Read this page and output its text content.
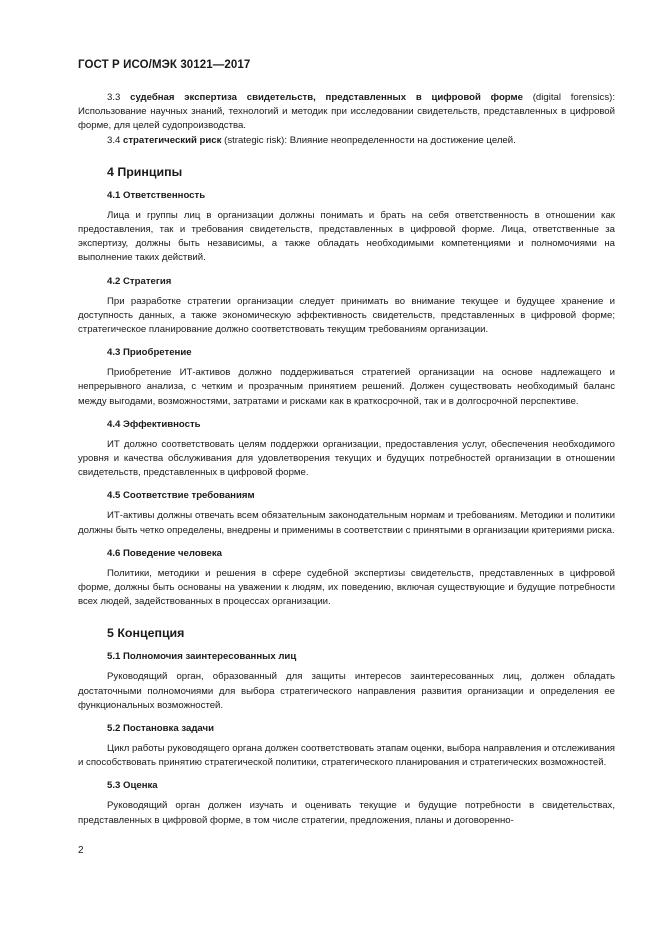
ГОСТ Р ИСО/МЭК 30121—2017

3.3 судебная экспертиза свидетельств, представленных в цифровой форме (digital forensics): Использование научных знаний, технологий и методик при исследовании свидетельств, представленных в цифровой форме, для целей судопроизводства.

3.4 стратегический риск (strategic risk): Влияние неопределенности на достижение целей.

4 Принципы
4.1 Ответственность

Лица и группы лиц в организации должны понимать и брать на себя ответственность в отношении как предоставления, так и требования свидетельств, представленных в цифровой форме. Лица, ответственные за экспертизу, должны быть независимы, а также обладать необходимыми компетенциями и полномочиями на выполнение таких действий.

4.2 Стратегия

При разработке стратегии организации следует принимать во внимание текущее и будущее хранение и доступность данных, а также экономическую эффективность свидетельств, представленных в цифровой форме; стратегическое планирование должно соответствовать текущим требованиям организации.

4.3 Приобретение

Приобретение ИТ-активов должно поддерживаться стратегией организации на основе надлежащего и непрерывного анализа, с четким и прозрачным принятием решений. Должен существовать необходимый баланс между выгодами, возможностями, затратами и рисками как в краткосрочной, так и в долгосрочной перспективе.

4.4 Эффективность

ИТ должно соответствовать целям поддержки организации, предоставления услуг, обеспечения необходимого уровня и качества обслуживания для удовлетворения текущих и будущих потребностей организации в отношении свидетельств, представленных в цифровой форме.

4.5 Соответствие требованиям

ИТ-активы должны отвечать всем обязательным законодательным нормам и требованиям. Методики и политики должны быть четко определены, внедрены и применимы в соответствии с принятыми в организации критериями риска.

4.6 Поведение человека

Политики, методики и решения в сфере судебной экспертизы свидетельств, представленных в цифровой форме, должны быть основаны на уважении к людям, их поведению, включая существующие и будущие потребности всех людей, задействованных в процессах организации.

5 Концепция
5.1 Полномочия заинтересованных лиц

Руководящий орган, образованный для защиты интересов заинтересованных лиц, должен обладать достаточными полномочиями для выбора стратегического направления развития организации и определения ее функциональных возможностей.

5.2 Постановка задачи

Цикл работы руководящего органа должен соответствовать этапам оценки, выбора направления и отслеживания и способствовать принятию стратегической политики, стратегического планирования и стратегических возможностей.

5.3 Оценка

Руководящий орган должен изучать и оценивать текущие и будущие потребности в свидетельствах, представленных в цифровой форме, в том числе стратегии, предложения, планы и договоренно-

2
